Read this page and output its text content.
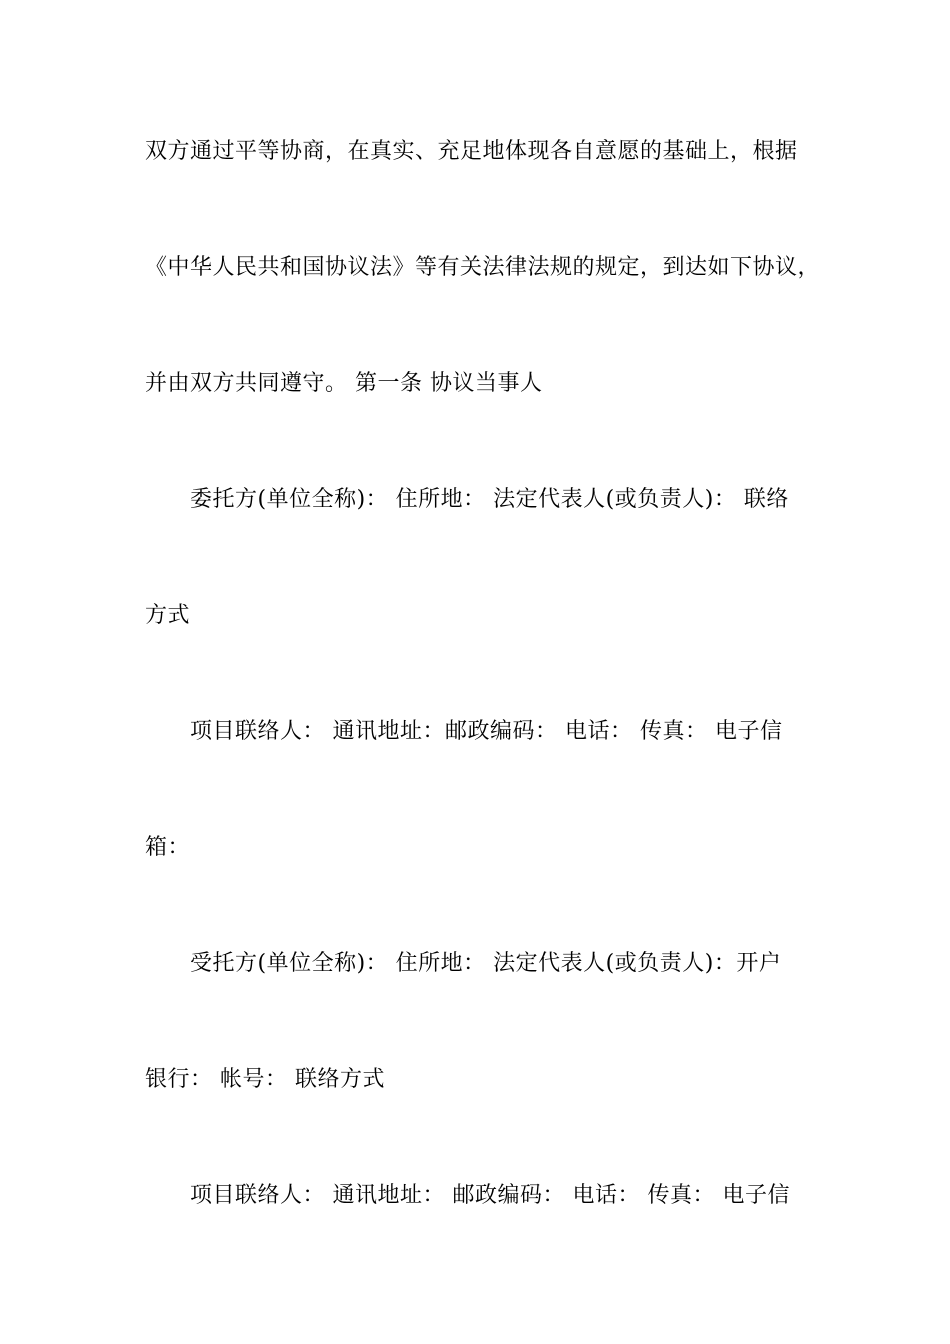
双方通过平等协商，在真实、充足地体现各自意愿的基础上，根据
《中华人民共和国协议法》等有关法律法规的规定，到达如下协议，
并由双方共同遵守。 第一条 协议当事人
委托方(单位全称)： 住所地： 法定代表人(或负责人)： 联络
方式
项目联络人： 通讯地址：邮政编码： 电话： 传真： 电子信
箱：
受托方(单位全称)： 住所地： 法定代表人(或负责人)：开户
银行： 帐号： 联络方式
项目联络人： 通讯地址： 邮政编码： 电话： 传真： 电子信
